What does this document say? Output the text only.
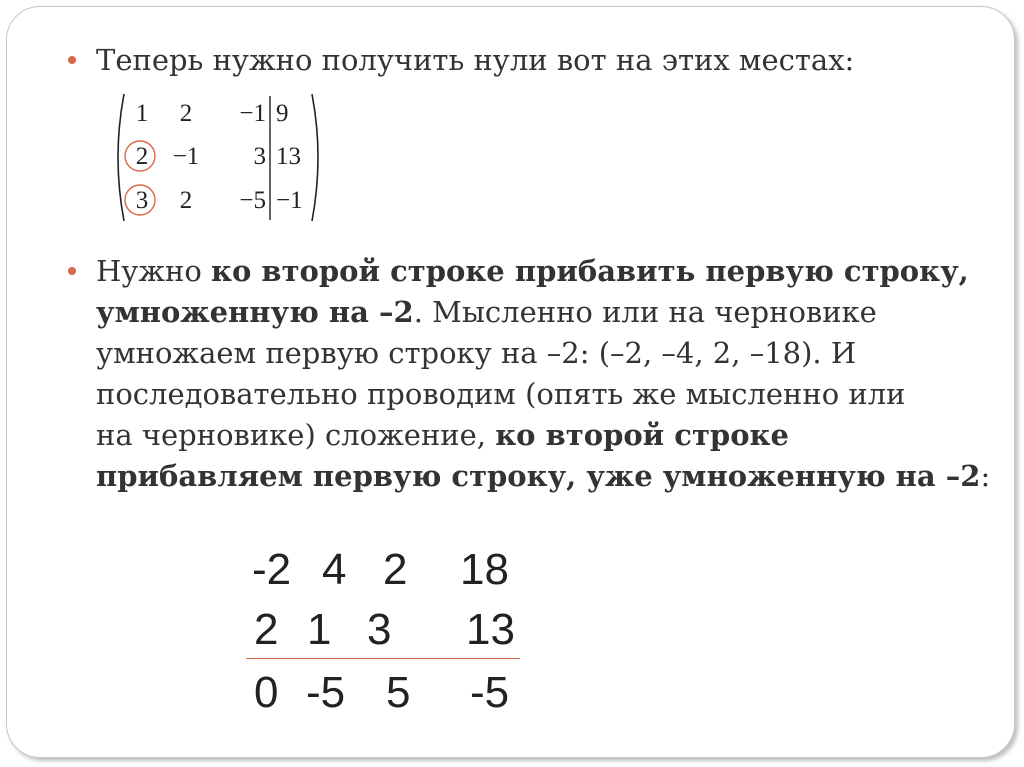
Теперь нужно получить нули вот на этих местах:
1	2	−1 9
2 −1	3 13
3	2	−5 −1
Нужно ко второй строке прибавить первую строку,
умноженную на –2. Мысленно или на черновике
умножаем первую строку на –2: (–2, –4, 2, –18). И
последовательно проводим (опять же мысленно или
на черновике) сложение, ко второй строке
прибавляем первую строку, уже умноженную на –2:
-2 4 2 18
2 1 3 13
0 -5 5 -5
